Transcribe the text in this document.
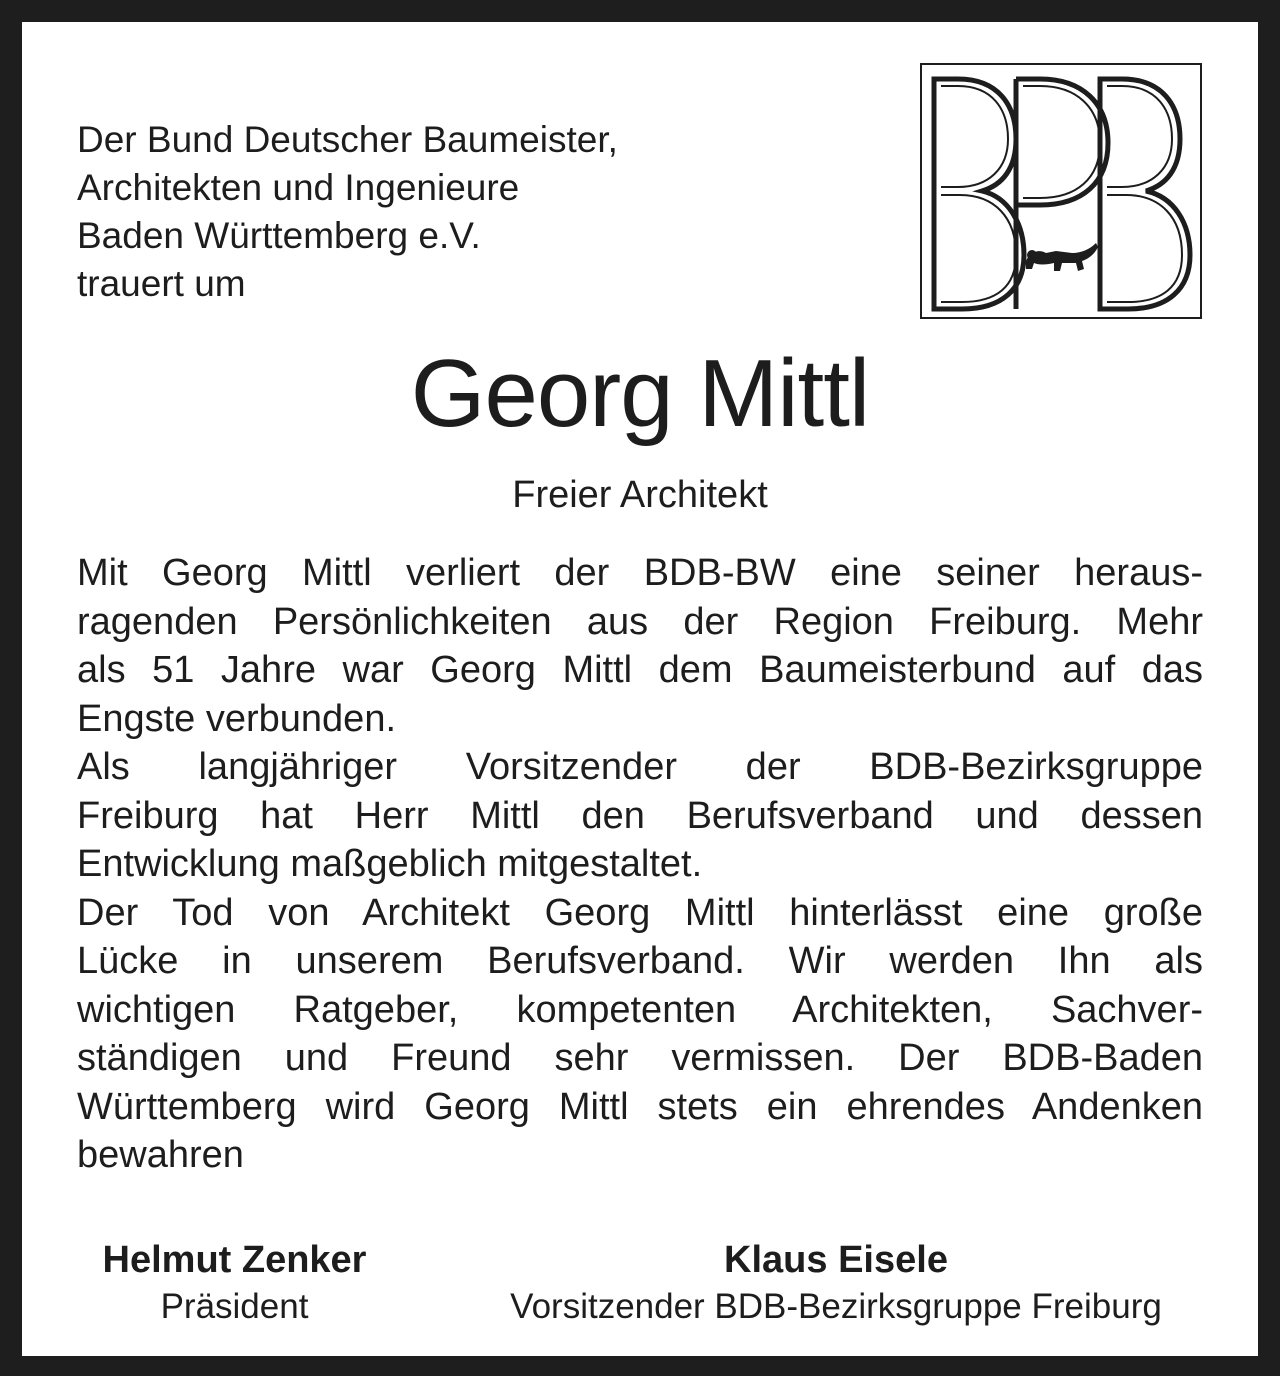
Der Bund Deutscher Baumeister,
Architekten und Ingenieure
Baden Württemberg e.V.
trauert um
Georg Mittl
Freier Architekt
Mit Georg Mittl verliert der BDB-BW eine seiner heraus-
ragenden Persönlichkeiten aus der Region Freiburg. Mehr
als 51 Jahre war Georg Mittl dem Baumeisterbund auf das
Engste verbunden.
Als langjähriger Vorsitzender der BDB-Bezirksgruppe
Freiburg hat Herr Mittl den Berufsverband und dessen
Entwicklung maßgeblich mitgestaltet.
Der Tod von Architekt Georg Mittl hinterlässt eine große
Lücke in unserem Berufsverband. Wir werden Ihn als
wichtigen Ratgeber, kompetenten Architekten, Sachver-
ständigen und Freund sehr vermissen. Der BDB-Baden
Württemberg wird Georg Mittl stets ein ehrendes Andenken
bewahren
Helmut Zenker
Präsident
Klaus Eisele
Vorsitzender BDB-Bezirksgruppe Freiburg
